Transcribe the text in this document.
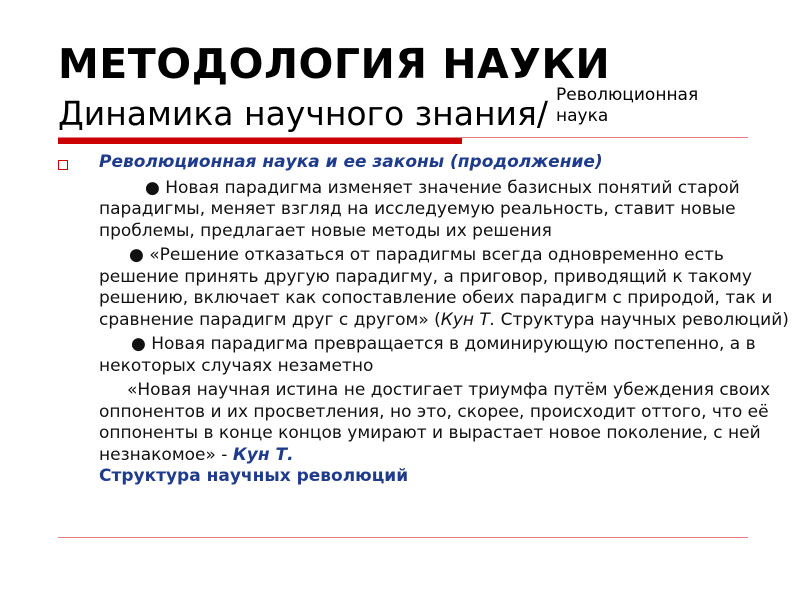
МЕТОДОЛОГИЯ НАУКИ
Динамика научного знания/ Революционная наука
Революционная наука и ее законы (продолжение)

● Новая парадигма изменяет значение базисных понятий старой парадигмы, меняет взгляд на исследуемую реальность, ставит новые проблемы, предлагает новые методы их решения

● «Решение отказаться от парадигмы всегда одновременно есть решение принять другую парадигму, а приговор, приводящий к такому решению, включает как сопоставление обеих парадигм с природой, так и сравнение парадигм друг с другом» (Кун Т. Структура научных революций)

● Новая парадигма превращается в доминирующую постепенно, а в некоторых случаях незаметно

«Новая научная истина не достигает триумфа путём убеждения своих оппонентов и их просветления, но это, скорее, происходит оттого, что её оппоненты в конце концов умирают и вырастает новое поколение, с ней незнакомое» - Кун Т.
Структура научных революций
